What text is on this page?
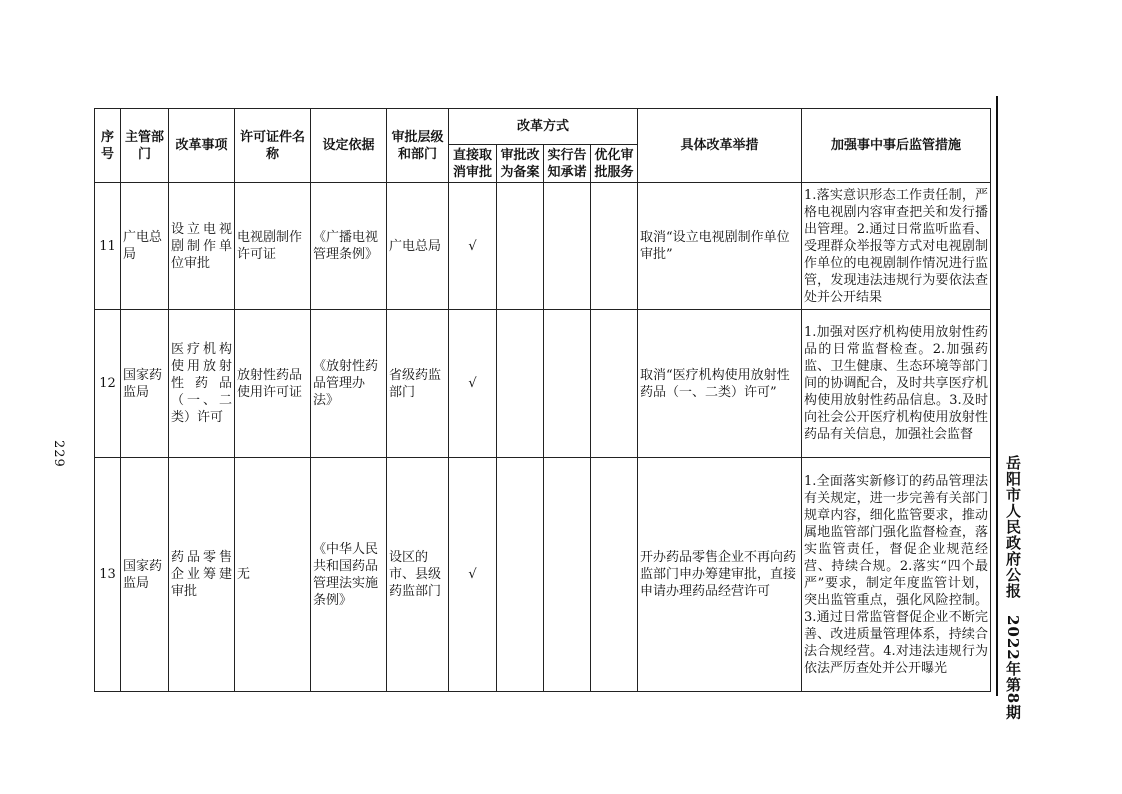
229
岳阳市人民政府公报　2022年第8期
序号	主管部门	改革事项	许可证件名称	设定依据	审批层级和部门	改革方式				具体改革举措	加强事中事后监管措施
						直接取消审批	审批改为备案	实行告知承诺	优化审批服务		
11	广电总局	设立电视剧制作单位审批	电视剧制作许可证	《广播电视管理条例》	广电总局	√				取消“设立电视剧制作单位审批”	1.落实意识形态工作责任制，严格电视剧内容审查把关和发行播出管理。2.通过日常监听监看、受理群众举报等方式对电视剧制作单位的电视剧制作情况进行监管，发现违法违规行为要依法查处并公开结果
12	国家药监局	医疗机构使用放射性药品（一、二类）许可	放射性药品使用许可证	《放射性药品管理办法》	省级药监部门	√				取消“医疗机构使用放射性药品（一、二类）许可”	1.加强对医疗机构使用放射性药品的日常监督检查。2.加强药监、卫生健康、生态环境等部门间的协调配合，及时共享医疗机构使用放射性药品信息。3.及时向社会公开医疗机构使用放射性药品有关信息，加强社会监督
13	国家药监局	药品零售企业筹建审批	无	《中华人民共和国药品管理法实施条例》	设区的市、县级药监部门	√				开办药品零售企业不再向药监部门申办筹建审批，直接申请办理药品经营许可	1.全面落实新修订的药品管理法有关规定，进一步完善有关部门规章内容，细化监管要求，推动属地监管部门强化监督检查，落实监管责任，督促企业规范经营、持续合规。2.落实“四个最严”要求，制定年度监管计划，突出监管重点，强化风险控制。3.通过日常监管督促企业不断完善、改进质量管理体系，持续合法合规经营。4.对违法违规行为依法严厉查处并公开曝光
